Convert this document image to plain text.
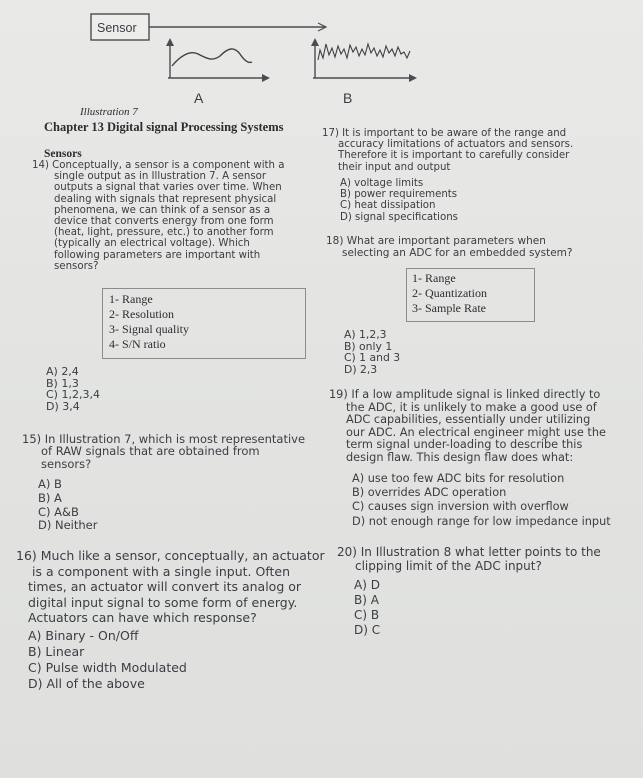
Sensor
A	B
Illustration 7
Chapter 13 Digital signal Processing Systems
Sensors
14) Conceptually, a sensor is a component with a
single output as in Illustration 7. A sensor
outputs a signal that varies over time. When
dealing with signals that represent physical
phenomena, we can think of a sensor as a
device that converts energy from one form
(heat, light, pressure, etc.) to another form
(typically an electrical voltage). Which
following parameters are important with
sensors?
1- Range
2- Resolution
3- Signal quality
4- S/N ratio
A) 2,4
B) 1,3
C) 1,2,3,4
D) 3,4
15) In Illustration 7, which is most representative
of RAW signals that are obtained from
sensors?
A) B
B) A
C) A&B
D) Neither
16) Much like a sensor, conceptually, an actuator
is a component with a single input. Often
times, an actuator will convert its analog or
digital input signal to some form of energy.
Actuators can have which response?
A) Binary - On/Off
B) Linear
C) Pulse width Modulated
D) All of the above
17) It is important to be aware of the range and
accuracy limitations of actuators and sensors.
Therefore it is important to carefully consider
their input and output
A) voltage limits
B) power requirements
C) heat dissipation
D) signal specifications
18) What are important parameters when
selecting an ADC for an embedded system?
1- Range
2- Quantization
3- Sample Rate
A) 1,2,3
B) only 1
C) 1 and 3
D) 2,3
19) If a low amplitude signal is linked directly to
the ADC, it is unlikely to make a good use of
ADC capabilities, essentially under utilizing
our ADC. An electrical engineer might use the
term signal under-loading to describe this
design flaw. This design flaw does what:
A) use too few ADC bits for resolution
B) overrides ADC operation
C) causes sign inversion with overflow
D) not enough range for low impedance input
20) In Illustration 8 what letter points to the
clipping limit of the ADC input?
A) D
B) A
C) B
D) C
